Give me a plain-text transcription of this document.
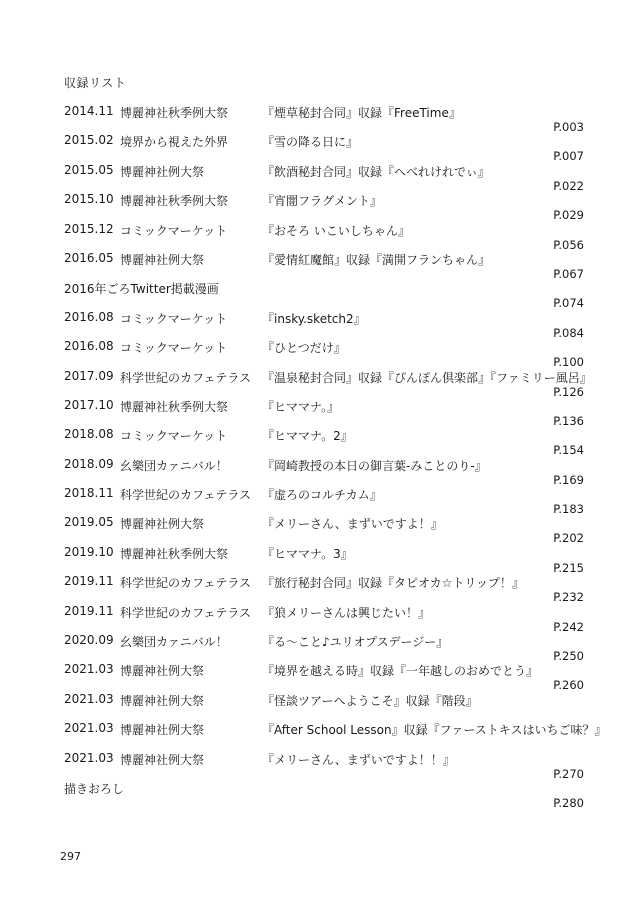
収録リスト
2014.11 博麗神社秋季例大祭	『煙草秘封合同』収録『FreeTime』
P.003
2015.02 境界から視えた外界	『雪の降る日に』
P.007
2015.05 博麗神社例大祭	『飲酒秘封合同』収録『へべれけれでぃ』
P.022
2015.10 博麗神社秋季例大祭	『宵闇フラグメント』
P.029
2015.12 コミックマーケット	『おそろ いこいしちゃん』
P.056
2016.05 博麗神社例大祭	『愛情紅魔館』収録『満開フランちゃん』
P.067
2016年ごろTwitter掲載漫画
P.074
2016.08 コミックマーケット	『insky.sketch2』
P.084
2016.08 コミックマーケット	『ひとつだけ』
P.100
2017.09 科学世紀のカフェテラス 『温泉秘封合同』収録『ぴんぽん倶楽部』『ファミリー風呂』
P.126
2017.10 博麗神社秋季例大祭	『ヒママナ。』
P.136
2018.08 コミックマーケット	『ヒママナ。2』
P.154
2018.09 幺樂団カァニバル！	『岡崎教授の本日の御言葉-みことのり-』
P.169
2018.11 科学世紀のカフェテラス 『虚ろのコルチカム』
P.183
2019.05 博麗神社例大祭	『メリーさん、まずいですよ！』
P.202
2019.10 博麗神社秋季例大祭	『ヒママナ。3』
P.215
2019.11 科学世紀のカフェテラス 『旅行秘封合同』収録『タピオカ☆トリップ！』
P.232
2019.11 科学世紀のカフェテラス 『狼メリーさんは興じたい！』
P.242
2020.09 幺樂団カァニバル！	『る〜こと♪ユリオプスデージー』
P.250
2021.03 博麗神社例大祭	『境界を越える時』収録『一年越しのおめでとう』
P.260
2021.03 博麗神社例大祭	『怪談ツアーへようこそ』収録『階段』
2021.03 博麗神社例大祭	『After School Lesson』収録『ファーストキスはいちご味？』
2021.03 博麗神社例大祭	『メリーさん、まずいですよ！！』
P.270
描きおろし
P.280
297
